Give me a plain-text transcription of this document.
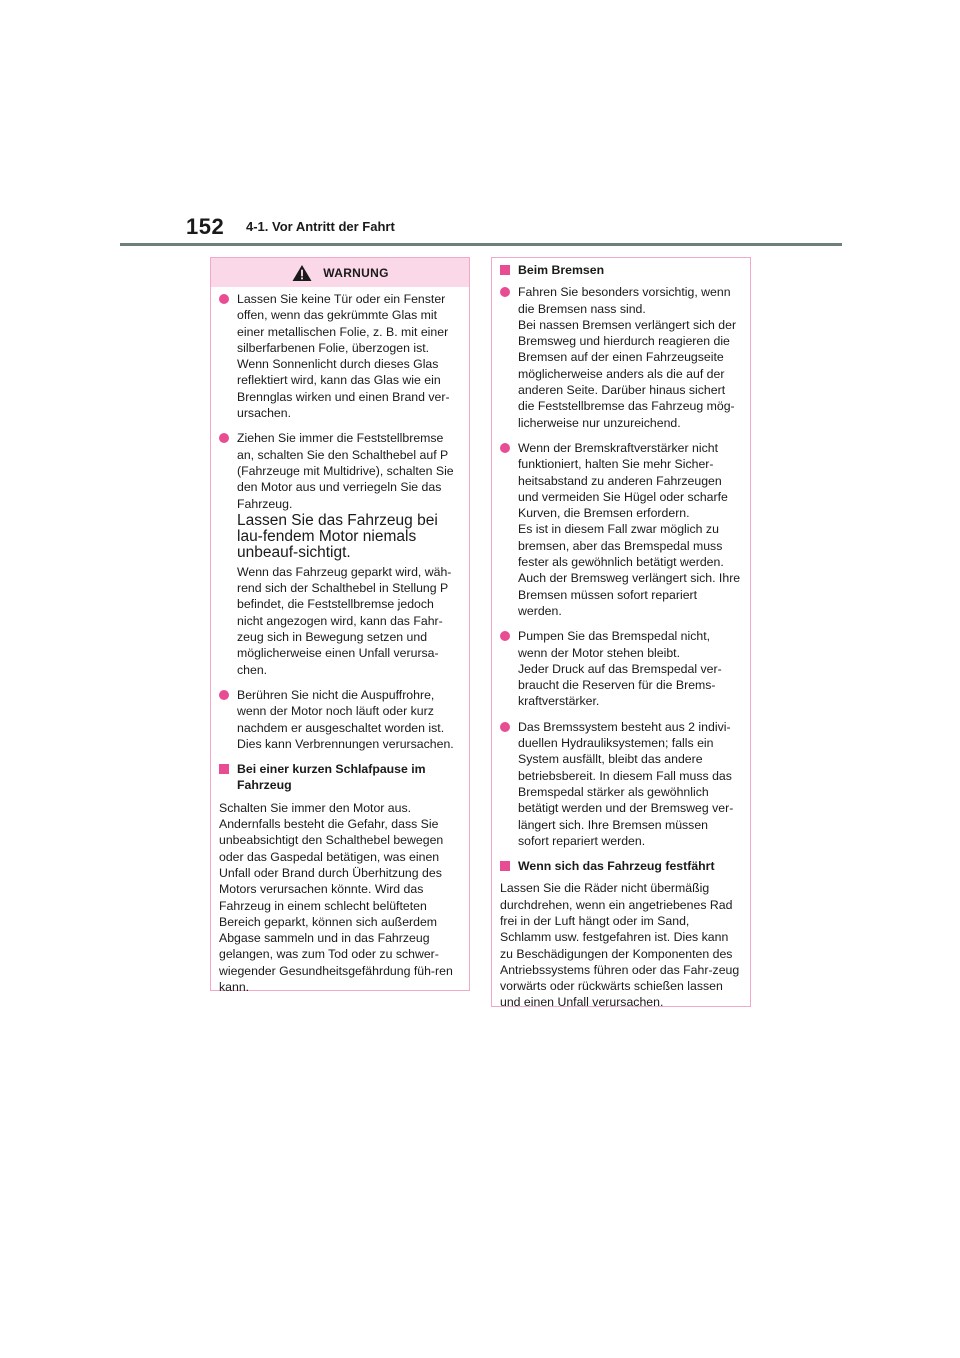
152 4-1. Vor Antritt der Fahrt
WARNUNG
Lassen Sie keine Tür oder ein Fenster offen, wenn das gekrümmte Glas mit einer metallischen Folie, z. B. mit einer silberfarbenen Folie, überzogen ist. Wenn Sonnenlicht durch dieses Glas reflektiert wird, kann das Glas wie ein Brennglas wirken und einen Brand ver-ursachen.
Ziehen Sie immer die Feststellbremse an, schalten Sie den Schalthebel auf P (Fahrzeuge mit Multidrive), schalten Sie den Motor aus und verriegeln Sie das Fahrzeug.
Lassen Sie das Fahrzeug bei lau-fendem Motor niemals unbeauf-sichtigt.
Wenn das Fahrzeug geparkt wird, wäh-rend sich der Schalthebel in Stellung P befindet, die Feststellbremse jedoch nicht angezogen wird, kann das Fahr-zeug sich in Bewegung setzen und möglicherweise einen Unfall verursa-chen.
Berühren Sie nicht die Auspuffrohre, wenn der Motor noch läuft oder kurz nachdem er ausgeschaltet worden ist. Dies kann Verbrennungen verursachen.
Bei einer kurzen Schlafpause im Fahrzeug
Schalten Sie immer den Motor aus. Andernfalls besteht die Gefahr, dass Sie unbeabsichtigt den Schalthebel bewegen oder das Gaspedal betätigen, was einen Unfall oder Brand durch Überhitzung des Motors verursachen könnte. Wird das Fahrzeug in einem schlecht belüfteten Bereich geparkt, können sich außerdem Abgase sammeln und in das Fahrzeug gelangen, was zum Tod oder zu schwer-wiegender Gesundheitsgefährdung füh-ren kann.
Beim Bremsen
Fahren Sie besonders vorsichtig, wenn die Bremsen nass sind.
Bei nassen Bremsen verlängert sich der Bremsweg und hierdurch reagieren die Bremsen auf der einen Fahrzeugseite möglicherweise anders als die auf der anderen Seite. Darüber hinaus sichert die Feststellbremse das Fahrzeug mög-licherweise nur unzureichend.
Wenn der Bremskraftverstärker nicht funktioniert, halten Sie mehr Sicher-heitsabstand zu anderen Fahrzeugen und vermeiden Sie Hügel oder scharfe Kurven, die Bremsen erfordern.
Es ist in diesem Fall zwar möglich zu bremsen, aber das Bremspedal muss fester als gewöhnlich betätigt werden. Auch der Bremsweg verlängert sich. Ihre Bremsen müssen sofort repariert werden.
Pumpen Sie das Bremspedal nicht, wenn der Motor stehen bleibt.
Jeder Druck auf das Bremspedal ver-braucht die Reserven für die Brems-kraftverstärker.
Das Bremssystem besteht aus 2 indivi-duellen Hydrauliksystemen; falls ein System ausfällt, bleibt das andere betriebsbereit. In diesem Fall muss das Bremspedal stärker als gewöhnlich betätigt werden und der Bremsweg ver-längert sich. Ihre Bremsen müssen sofort repariert werden.
Wenn sich das Fahrzeug festfährt
Lassen Sie die Räder nicht übermäßig durchdrehen, wenn ein angetriebenes Rad frei in der Luft hängt oder im Sand, Schlamm usw. festgefahren ist. Dies kann zu Beschädigungen der Komponenten des Antriebssystems führen oder das Fahr-zeug vorwärts oder rückwärts schießen lassen und einen Unfall verursachen.
